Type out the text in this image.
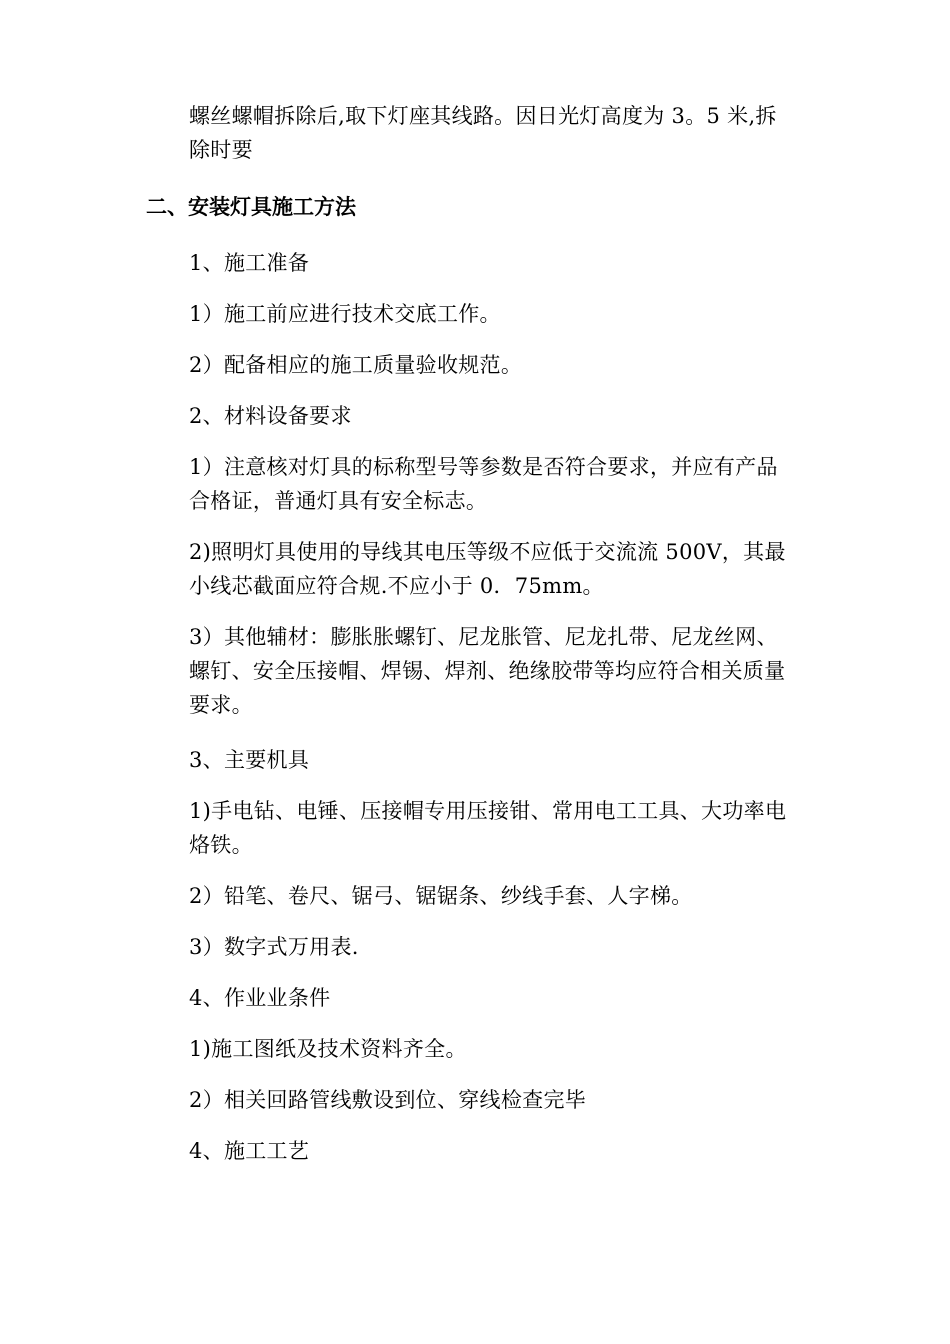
螺丝螺帽拆除后,取下灯座其线路。因日光灯高度为 3。5 米,拆
除时要
二、安装灯具施工方法
1、施工准备
1）施工前应进行技术交底工作。
2）配备相应的施工质量验收规范。
2、材料设备要求
1）注意核对灯具的标称型号等参数是否符合要求，并应有产品
合格证，普通灯具有安全标志。
2)照明灯具使用的导线其电压等级不应低于交流流 500V，其最
小线芯截面应符合规.不应小于 0．75mm。
3）其他辅材：膨胀胀螺钉、尼龙胀管、尼龙扎带、尼龙丝网、
螺钉、安全压接帽、焊锡、焊剂、绝缘胶带等均应符合相关质量
要求。
3、主要机具
1)手电钻、电锤、压接帽专用压接钳、常用电工工具、大功率电
烙铁。
2）铅笔、卷尺、锯弓、锯锯条、纱线手套、人字梯。
3）数字式万用表.
4、作业业条件
1)施工图纸及技术资料齐全。
2）相关回路管线敷设到位、穿线检查完毕
4、施工工艺
